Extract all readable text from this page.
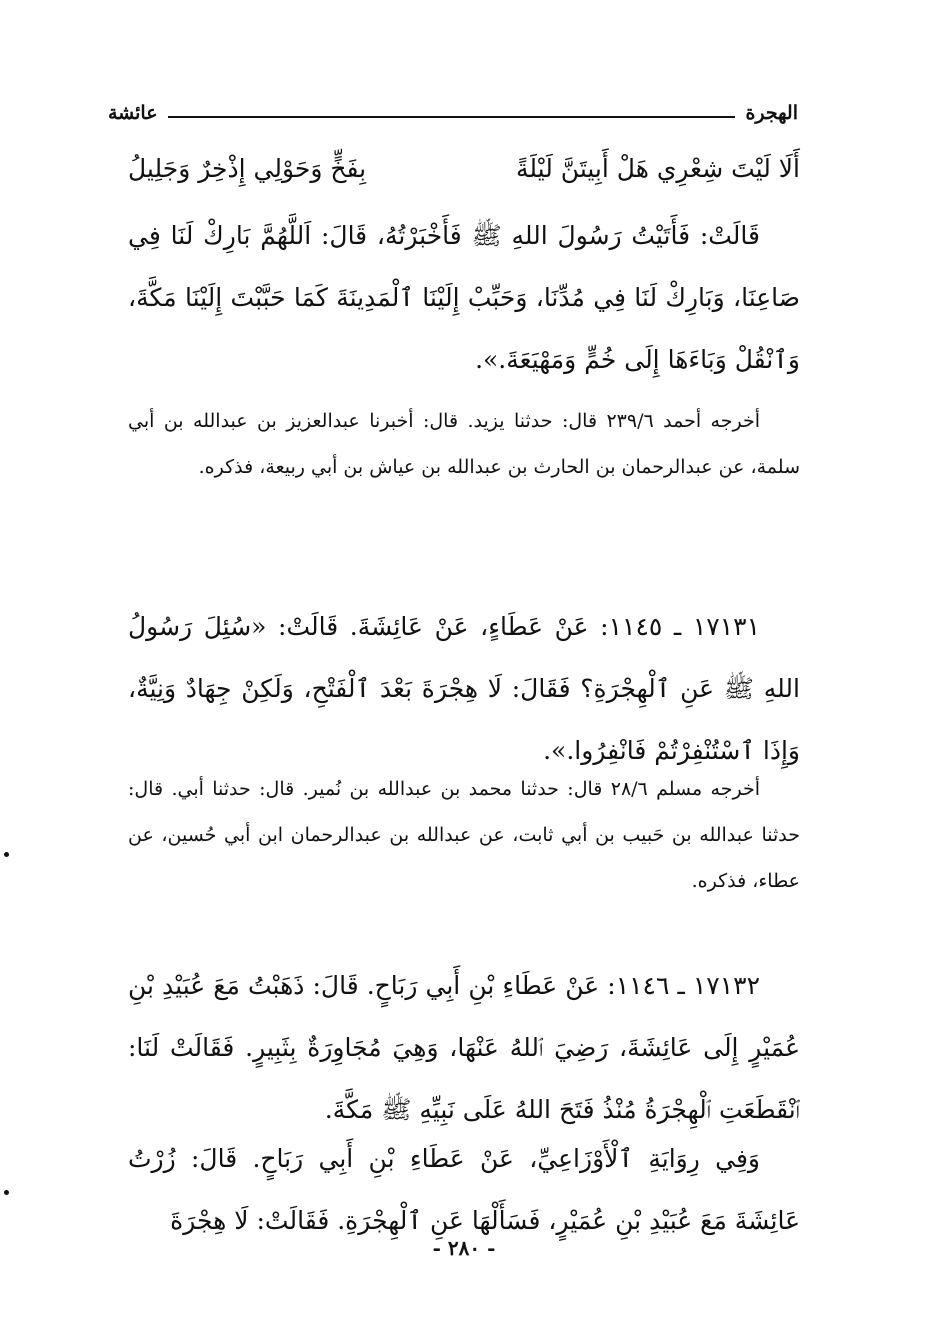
الهجرة
عائشة
أَلَا لَيْتَ شِعْرِي هَلْ أَبِيتَنَّ لَيْلَةً
بِفَخٍّ وَحَوْلِي إِذْخِرٌ وَجَلِيلُ
قَالَتْ: فَأَتَيْتُ رَسُولَ اللهِ ﷺ فَأَخْبَرْتُهُ، قَالَ: اَللَّهُمَّ بَارِكْ لَنَا فِي صَاعِنَا، وَبَارِكْ لَنَا فِي مُدِّنَا، وَحَبِّبْ إِلَيْنَا ٱلْمَدِينَةَ كَمَا حَبَّبْتَ إِلَيْنَا مَكَّةَ، وَٱنْقُلْ وَبَاءَهَا إِلَى خُمٍّ وَمَهْيَعَةَ.».
أخرجه أحمد ٢٣٩/٦ قال: حدثنا يزيد. قال: أخبرنا عبدالعزيز بن عبدالله بن أبي سلمة، عن عبدالرحمان بن الحارث بن عبدالله بن عياش بن أبي ربيعة، فذكره.
١٧١٣١ ـ ١١٤٥: عَنْ عَطَاءٍ، عَنْ عَائِشَةَ. قَالَتْ: «سُئِلَ رَسُولُ اللهِ ﷺ عَنِ ٱلْهِجْرَةِ؟ فَقَالَ: لَا هِجْرَةَ بَعْدَ ٱلْفَتْحِ، وَلَكِنْ جِهَادٌ وَنِيَّةٌ، وَإِذَا ٱسْتُنْفِرْتُمْ فَانْفِرُوا.».
أخرجه مسلم ٢٨/٦ قال: حدثنا محمد بن عبدالله بن نُمير. قال: حدثنا أبي. قال: حدثنا عبدالله بن حَبيب بن أبي ثابت، عن عبدالله بن عبدالرحمان ابن أبي حُسين، عن عطاء، فذكره.
١٧١٣٢ ـ ١١٤٦: عَنْ عَطَاءِ بْنِ أَبِي رَبَاحٍ. قَالَ: ذَهَبْتُ مَعَ عُبَيْدِ بْنِ عُمَيْرٍ إِلَى عَائِشَةَ، رَضِيَ ٱللهُ عَنْهَا، وَهِيَ مُجَاوِرَةٌ بِثَبِيرٍ. فَقَالَتْ لَنَا: ٱنْقَطَعَتِ ٱلْهِجْرَةُ مُنْذُ فَتَحَ اللهُ عَلَى نَبِيِّهِ ﷺ مَكَّةَ.
وَفِي رِوَايَةِ ٱلْأَوْزَاعِيِّ، عَنْ عَطَاءِ بْنِ أَبِي رَبَاحٍ. قَالَ: زُرْتُ عَائِشَةَ مَعَ عُبَيْدِ بْنِ عُمَيْرٍ، فَسَأَلْهَا عَنِ ٱلْهِجْرَةِ. فَقَالَتْ: لَا هِجْرَةَ
- ٢٨٠ -
